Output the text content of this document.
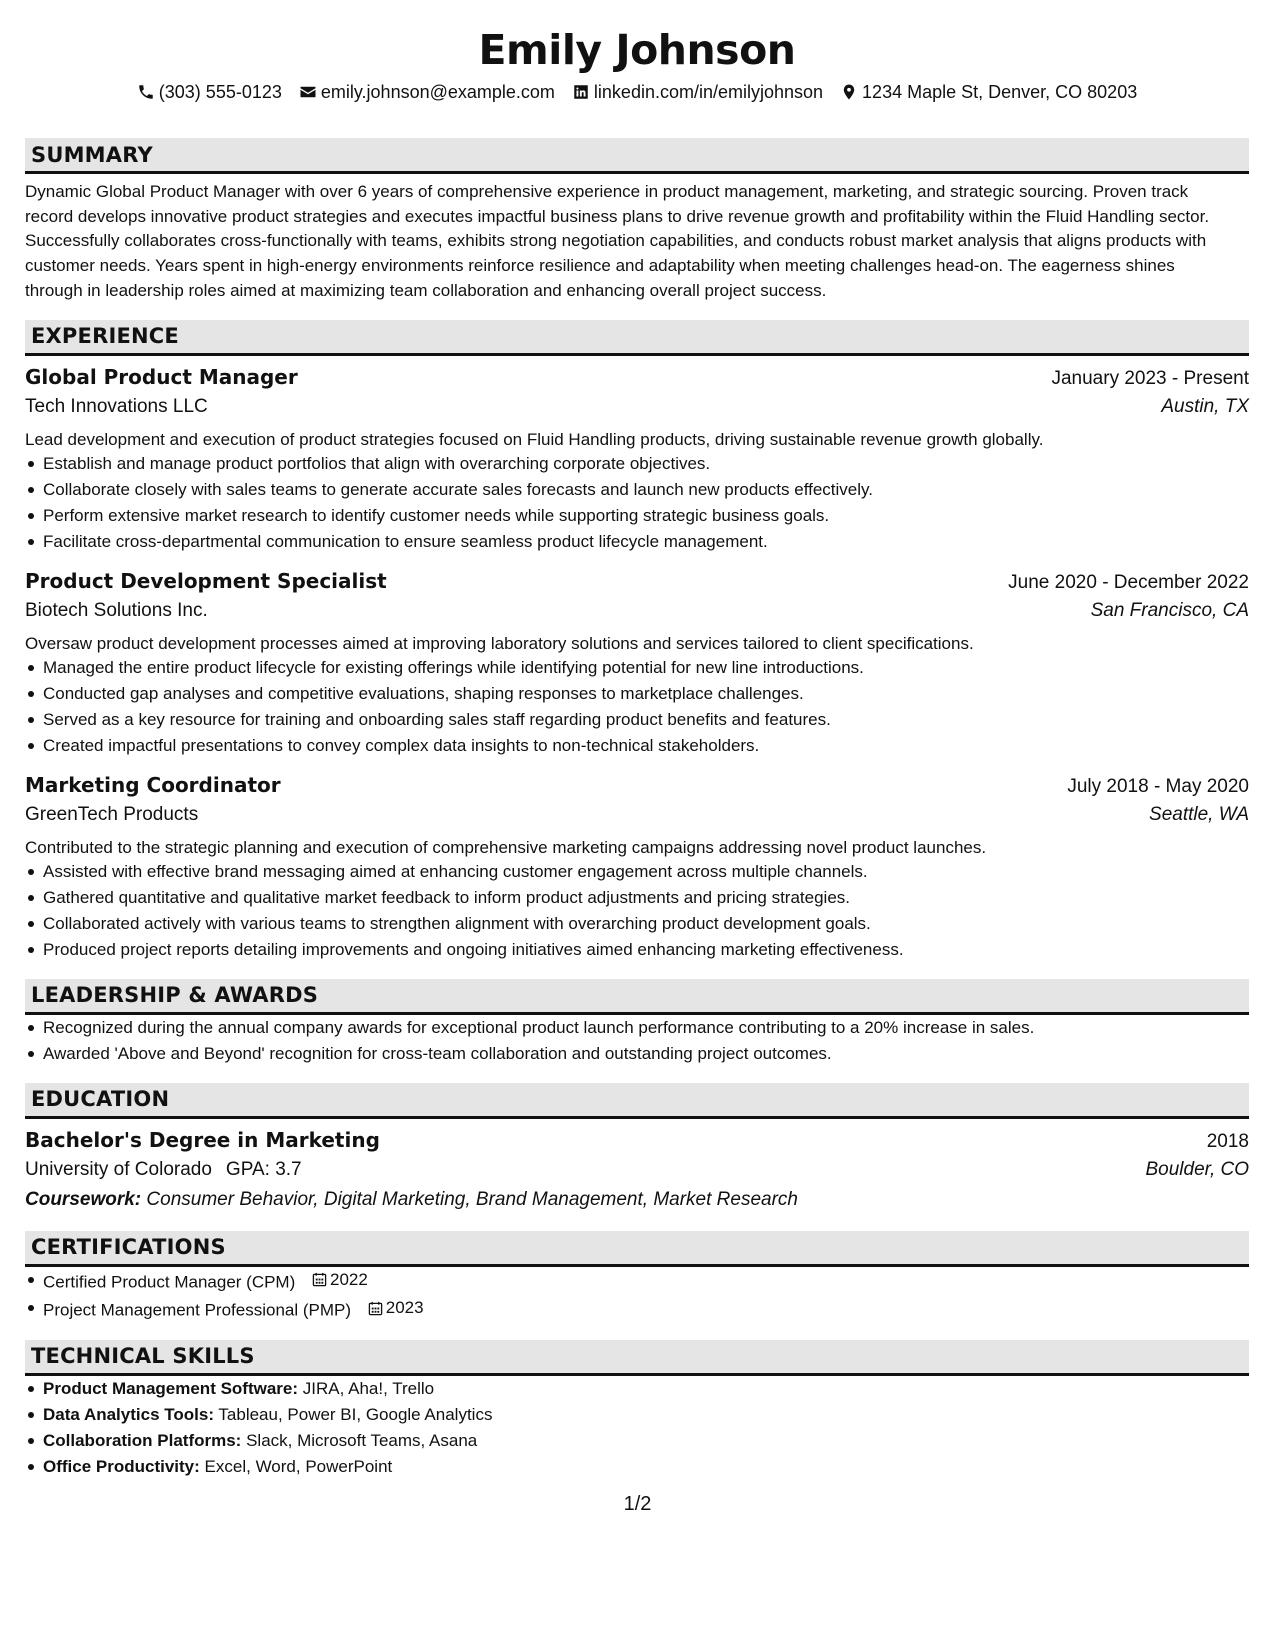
Emily Johnson
(303) 555-0123 emily.johnson@example.com linkedin.com/in/emilyjohnson 1234 Maple St, Denver, CO 80203
SUMMARY

Dynamic Global Product Manager with over 6 years of comprehensive experience in product management, marketing, and strategic sourcing. Proven track record develops innovative product strategies and executes impactful business plans to drive revenue growth and profitability within the Fluid Handling sector. Successfully collaborates cross-functionally with teams, exhibits strong negotiation capabilities, and conducts robust market analysis that aligns products with customer needs. Years spent in high-energy environments reinforce resilience and adaptability when meeting challenges head-on. The eagerness shines through in leadership roles aimed at maximizing team collaboration and enhancing overall project success.

EXPERIENCE
Global Product Manager	January 2023 - Present
Tech Innovations LLC	Austin, TX

Lead development and execution of product strategies focused on Fluid Handling products, driving sustainable revenue growth globally.

Establish and manage product portfolios that align with overarching corporate objectives.
Collaborate closely with sales teams to generate accurate sales forecasts and launch new products effectively.
Perform extensive market research to identify customer needs while supporting strategic business goals.
Facilitate cross-departmental communication to ensure seamless product lifecycle management.
Product Development Specialist	June 2020 - December 2022
Biotech Solutions Inc.	San Francisco, CA

Oversaw product development processes aimed at improving laboratory solutions and services tailored to client specifications.

Managed the entire product lifecycle for existing offerings while identifying potential for new line introductions.
Conducted gap analyses and competitive evaluations, shaping responses to marketplace challenges.
Served as a key resource for training and onboarding sales staff regarding product benefits and features.
Created impactful presentations to convey complex data insights to non-technical stakeholders.
Marketing Coordinator	July 2018 - May 2020
GreenTech Products	Seattle, WA

Contributed to the strategic planning and execution of comprehensive marketing campaigns addressing novel product launches.

Assisted with effective brand messaging aimed at enhancing customer engagement across multiple channels.
Gathered quantitative and qualitative market feedback to inform product adjustments and pricing strategies.
Collaborated actively with various teams to strengthen alignment with overarching product development goals.
Produced project reports detailing improvements and ongoing initiatives aimed enhancing marketing effectiveness.
LEADERSHIP & AWARDS
Recognized during the annual company awards for exceptional product launch performance contributing to a 20% increase in sales.
Awarded 'Above and Beyond' recognition for cross-team collaboration and outstanding project outcomes.
EDUCATION
Bachelor's Degree in Marketing	2018
University of Colorado GPA: 3.7	Boulder, CO
Coursework: Consumer Behavior, Digital Marketing, Brand Management, Market Research
CERTIFICATIONS
Certified Product Manager (CPM) 2022
Project Management Professional (PMP) 2023
TECHNICAL SKILLS
Product Management Software: JIRA, Aha!, Trello
Data Analytics Tools: Tableau, Power BI, Google Analytics
Collaboration Platforms: Slack, Microsoft Teams, Asana
Office Productivity: Excel, Word, PowerPoint
1/2
